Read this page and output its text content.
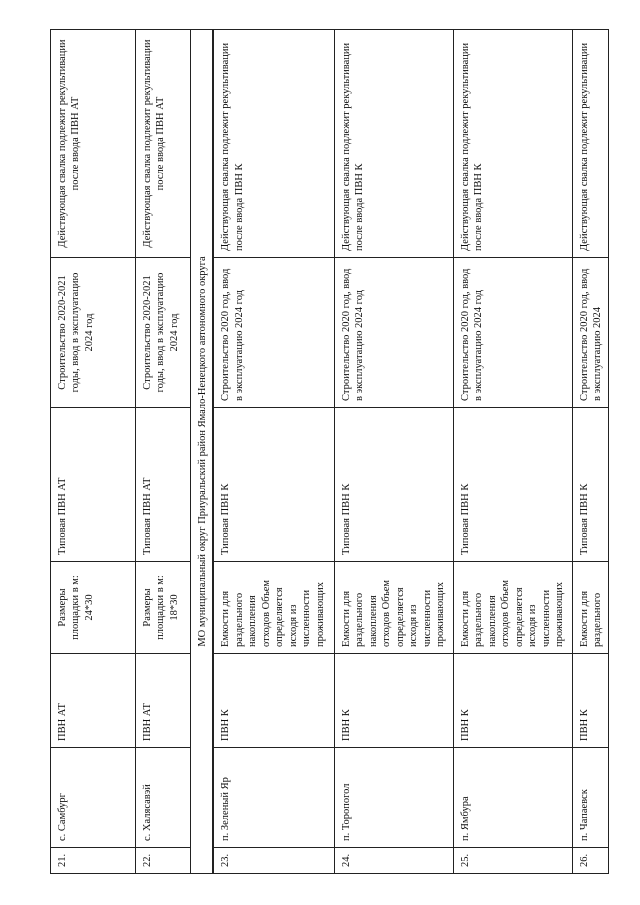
21.	с. Самбург	ПВН АТ	Размеры площадки в м: 24*30	Типовая ПВН АТ	Строительство 2020-2021 годы, ввод в эксплуатацию 2024 год	Действующая свалка подлежит рекультивации после ввода ПВН АТ
22.	с. Халясавэй	ПВН АТ	Размеры площадки в м: 18*30	Типовая ПВН АТ	Строительство 2020-2021 годы, ввод в эксплуатацию 2024 год	Действующая свалка подлежит рекультивации после ввода ПВН АТ
МО муниципальный округ Приуральский район Ямало-Ненецкого автономного округа						
23.	п. Зеленый Яр	ПВН К	Емкости для раздельного накопления отходов Объем определяется исходя из численности проживающих	Типовая ПВН К	Строительство 2020 год, ввод в эксплуатацию 2024 год	Действующая свалка подлежит рекультивации после ввода ПВН К
24.	п. Торопогол	ПВН К	Емкости для раздельного накопления отходов Объем определяется исходя из численности проживающих	Типовая ПВН К	Строительство 2020 год, ввод в эксплуатацию 2024 год	Действующая свалка подлежит рекультивации после ввода ПВН К
25.	п. Ямбура	ПВН К	Емкости для раздельного накопления отходов Объем определяется исходя из численности проживающих	Типовая ПВН К	Строительство 2020 год, ввод в эксплуатацию 2024 год	Действующая свалка подлежит рекультивации после ввода ПВН К
26.	п. Чапаевск	ПВН К	Емкости для раздельного	Типовая ПВН К	Строительство 2020 год, ввод в эксплуатацию 2024	Действующая свалка подлежит рекультивации
